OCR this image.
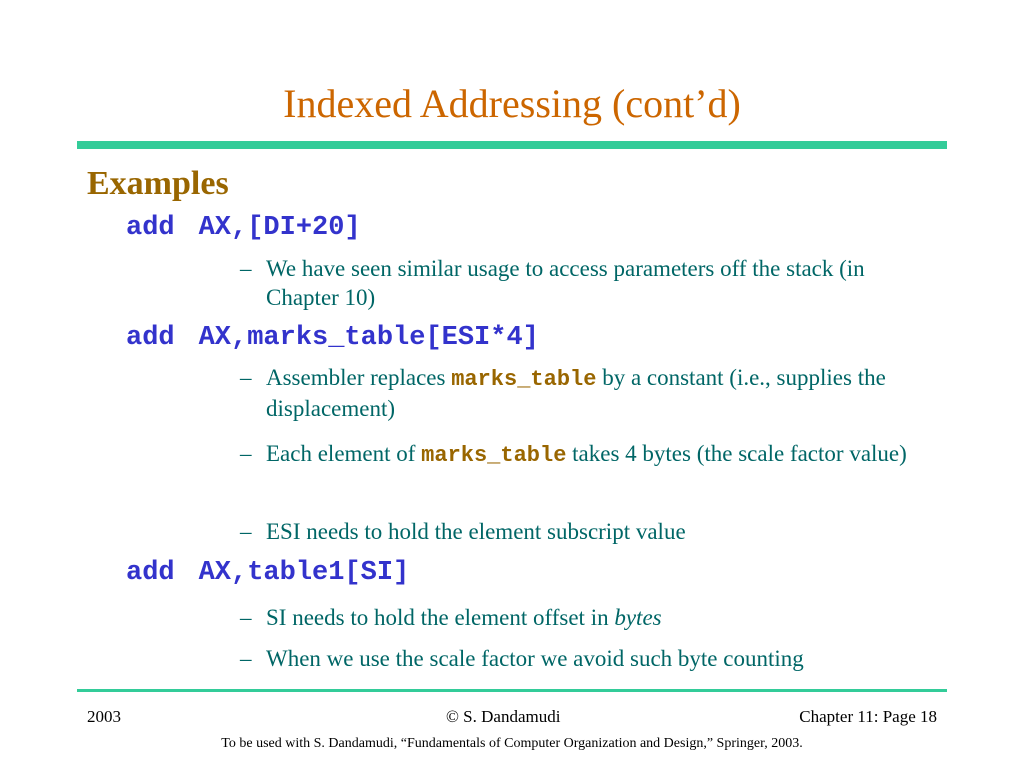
Indexed Addressing (cont’d)
Examples
add AX,[DI+20]
– We have seen similar usage to access parameters off the stack (in Chapter 10)
add AX,marks_table[ESI*4]
– Assembler replaces marks_table by a constant (i.e., supplies the displacement)
– Each element of marks_table takes 4 bytes (the scale factor value)
– ESI needs to hold the element subscript value
add AX,table1[SI]
– SI needs to hold the element offset in bytes
– When we use the scale factor we avoid such byte counting
2003	© S. Dandamudi	Chapter 11: Page 18
To be used with S. Dandamudi, “Fundamentals of Computer Organization and Design,” Springer, 2003.
